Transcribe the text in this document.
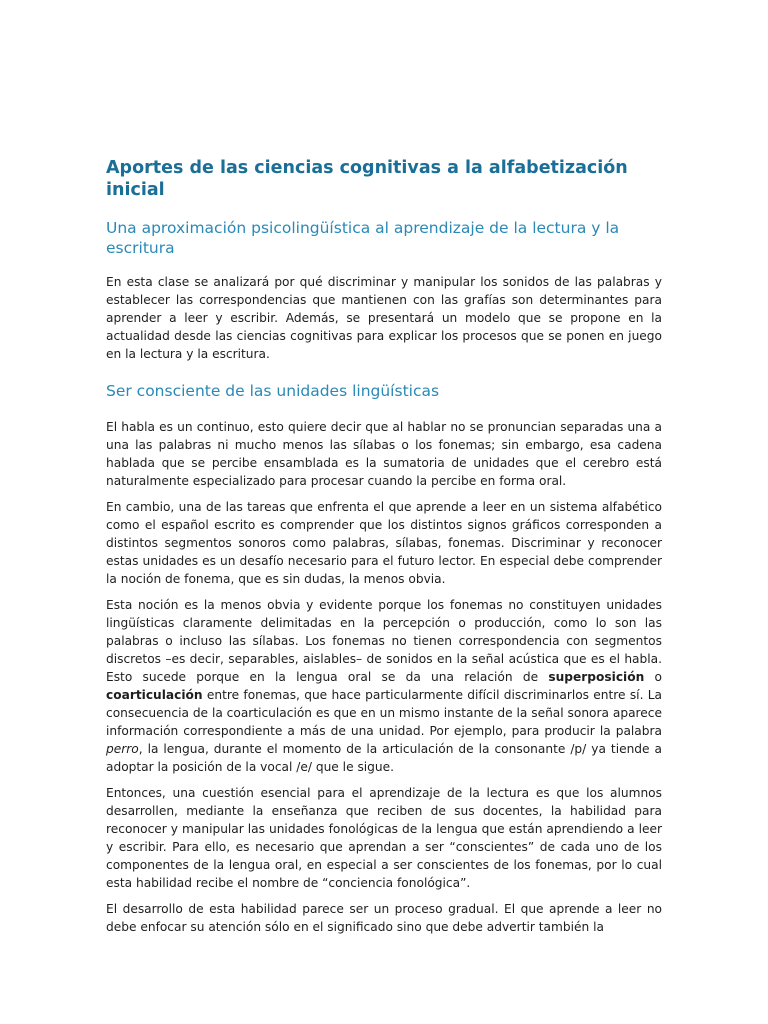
Aportes de las ciencias cognitivas a la alfabetización inicial
Una aproximación psicolingüística al aprendizaje de la lectura y la escritura
En esta clase se analizará por qué discriminar y manipular los sonidos de las palabras y establecer las correspondencias que mantienen con las grafías son determinantes para aprender a leer y escribir. Además, se presentará un modelo que se propone en la actualidad desde las ciencias cognitivas para explicar los procesos que se ponen en juego en la lectura y la escritura.
Ser consciente de las unidades lingüísticas
El habla es un continuo, esto quiere decir que al hablar no se pronuncian separadas una a una las palabras ni mucho menos las sílabas o los fonemas; sin embargo, esa cadena hablada que se percibe ensamblada es la sumatoria de unidades que el cerebro está naturalmente especializado para procesar cuando la percibe en forma oral.
En cambio, una de las tareas que enfrenta el que aprende a leer en un sistema alfabético como el español escrito es comprender que los distintos signos gráficos corresponden a distintos segmentos sonoros como palabras, sílabas, fonemas. Discriminar y reconocer estas unidades es un desafío necesario para el futuro lector. En especial debe comprender la noción de fonema, que es sin dudas, la menos obvia.
Esta noción es la menos obvia y evidente porque los fonemas no constituyen unidades lingüísticas claramente delimitadas en la percepción o producción, como lo son las palabras o incluso las sílabas. Los fonemas no tienen correspondencia con segmentos discretos –es decir, separables, aislables– de sonidos en la señal acústica que es el habla. Esto sucede porque en la lengua oral se da una relación de superposición o coarticulación entre fonemas, que hace particularmente difícil discriminarlos entre sí. La consecuencia de la coarticulación es que en un mismo instante de la señal sonora aparece información correspondiente a más de una unidad. Por ejemplo, para producir la palabra perro, la lengua, durante el momento de la articulación de la consonante /p/ ya tiende a adoptar la posición de la vocal /e/ que le sigue.
Entonces, una cuestión esencial para el aprendizaje de la lectura es que los alumnos desarrollen, mediante la enseñanza que reciben de sus docentes, la habilidad para reconocer y manipular las unidades fonológicas de la lengua que están aprendiendo a leer y escribir. Para ello, es necesario que aprendan a ser “conscientes” de cada uno de los componentes de la lengua oral, en especial a ser conscientes de los fonemas, por lo cual esta habilidad recibe el nombre de “conciencia fonológica”.
El desarrollo de esta habilidad parece ser un proceso gradual. El que aprende a leer no debe enfocar su atención sólo en el significado sino que debe advertir también la
